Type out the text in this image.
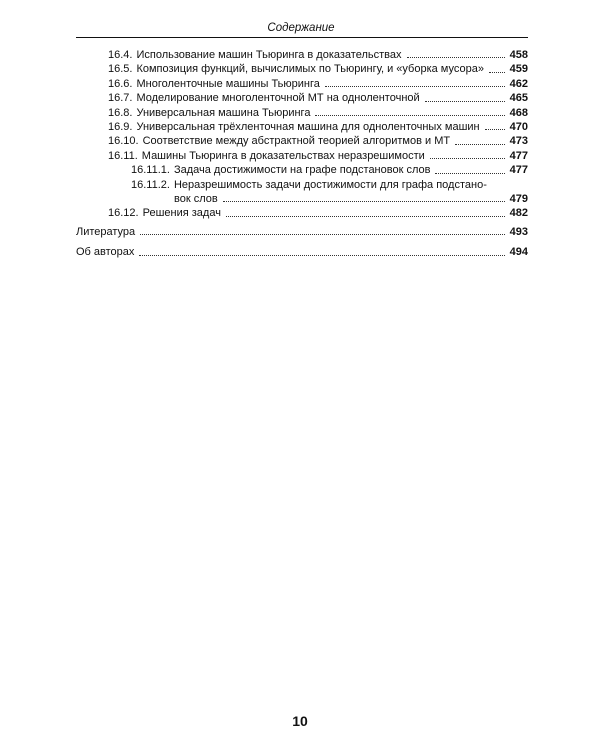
Содержание
16.4. Использование машин Тьюринга в доказательствах	458
16.5. Композиция функций, вычислимых по Тьюрингу, и «уборка мусора» 459
16.6. Многоленточные машины Тьюринга	462
16.7. Моделирование многоленточной МТ на одноленточной	465
16.8. Универсальная машина Тьюринга	468
16.9. Универсальная трёхленточная машина для одноленточных машин	470
16.10. Соответствие между абстрактной теорией алгоритмов и МТ	473
16.11. Машины Тьюринга в доказательствах неразрешимости	477
16.11.1. Задача достижимости на графе подстановок слов	477
16.11.2. Неразрешимость задачи достижимости для графа подстано-
вок слов	479
16.12. Решения задач	482
Литература	493
Об авторах	494
10
